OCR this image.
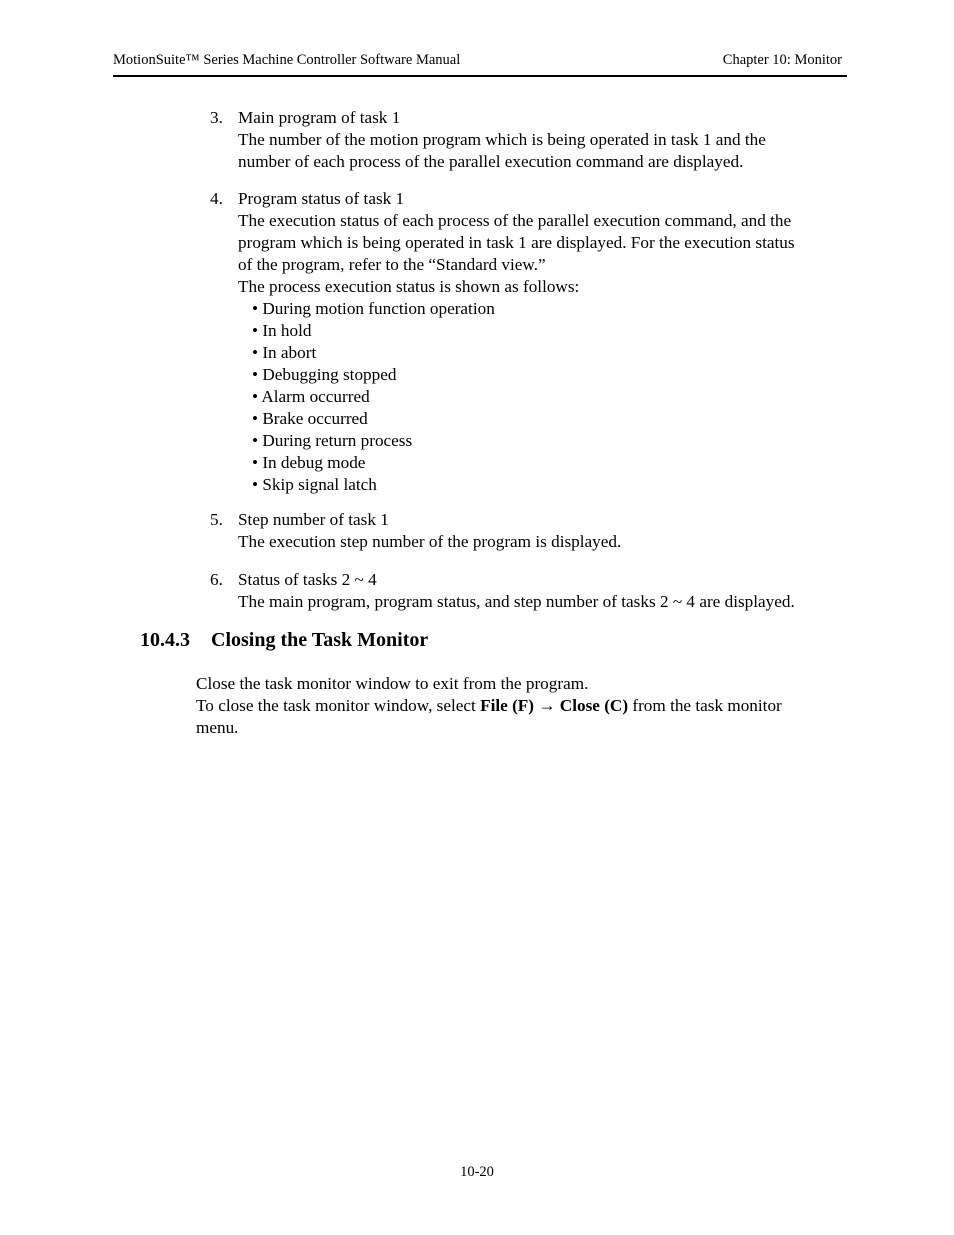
MotionSuite™ Series Machine Controller Software Manual	Chapter 10: Monitor
3. Main program of task 1
The number of the motion program which is being operated in task 1 and the
number of each process of the parallel execution command are displayed.
4. Program status of task 1
The execution status of each process of the parallel execution command, and the
program which is being operated in task 1 are displayed. For the execution status
of the program, refer to the “Standard view.”
The process execution status is shown as follows:
• During motion function operation
• In hold
• In abort
• Debugging stopped
• Alarm occurred
• Brake occurred
• During return process
• In debug mode
• Skip signal latch
5. Step number of task 1
The execution step number of the program is displayed.
6. Status of tasks 2 ~ 4
The main program, program status, and step number of tasks 2 ~ 4 are displayed.
10.4.3 Closing the Task Monitor
Close the task monitor window to exit from the program.
To close the task monitor window, select File (F) → Close (C) from the task monitor
menu.
10-20
